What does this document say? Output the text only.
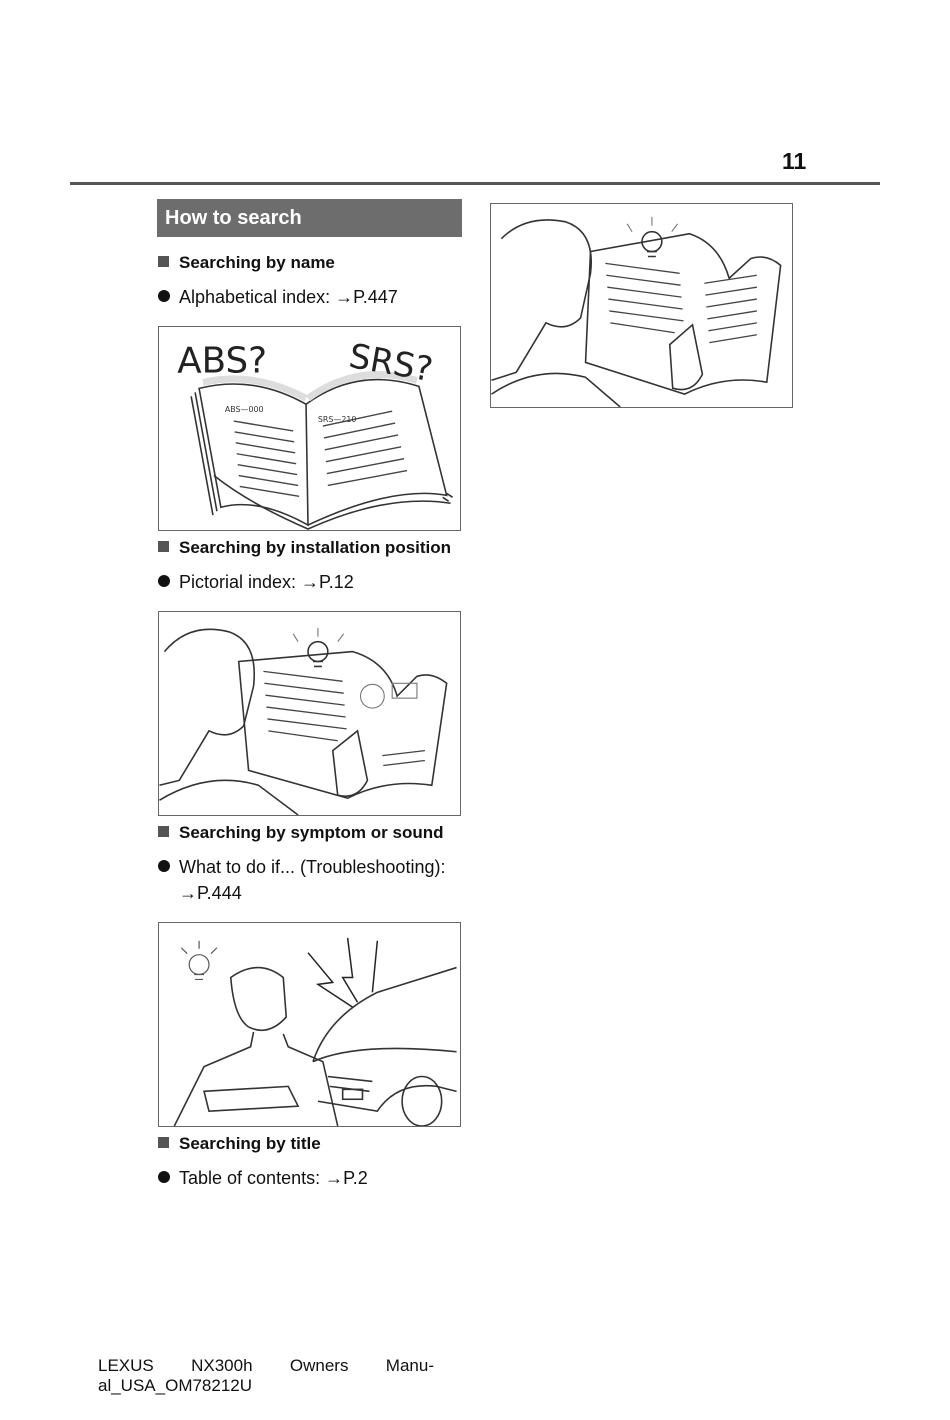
11
How to search
Searching by name
Alphabetical index: →P.447
ABS? SRS?
ABS—000
SRS—210
Searching by installation position
Pictorial index: →P.12
Searching by symptom or sound
What to do if... (Troubleshooting):
→P.444
Searching by title
Table of contents: →P.2
LEXUS NX300h Owners Manu-
al_USA_OM78212U
